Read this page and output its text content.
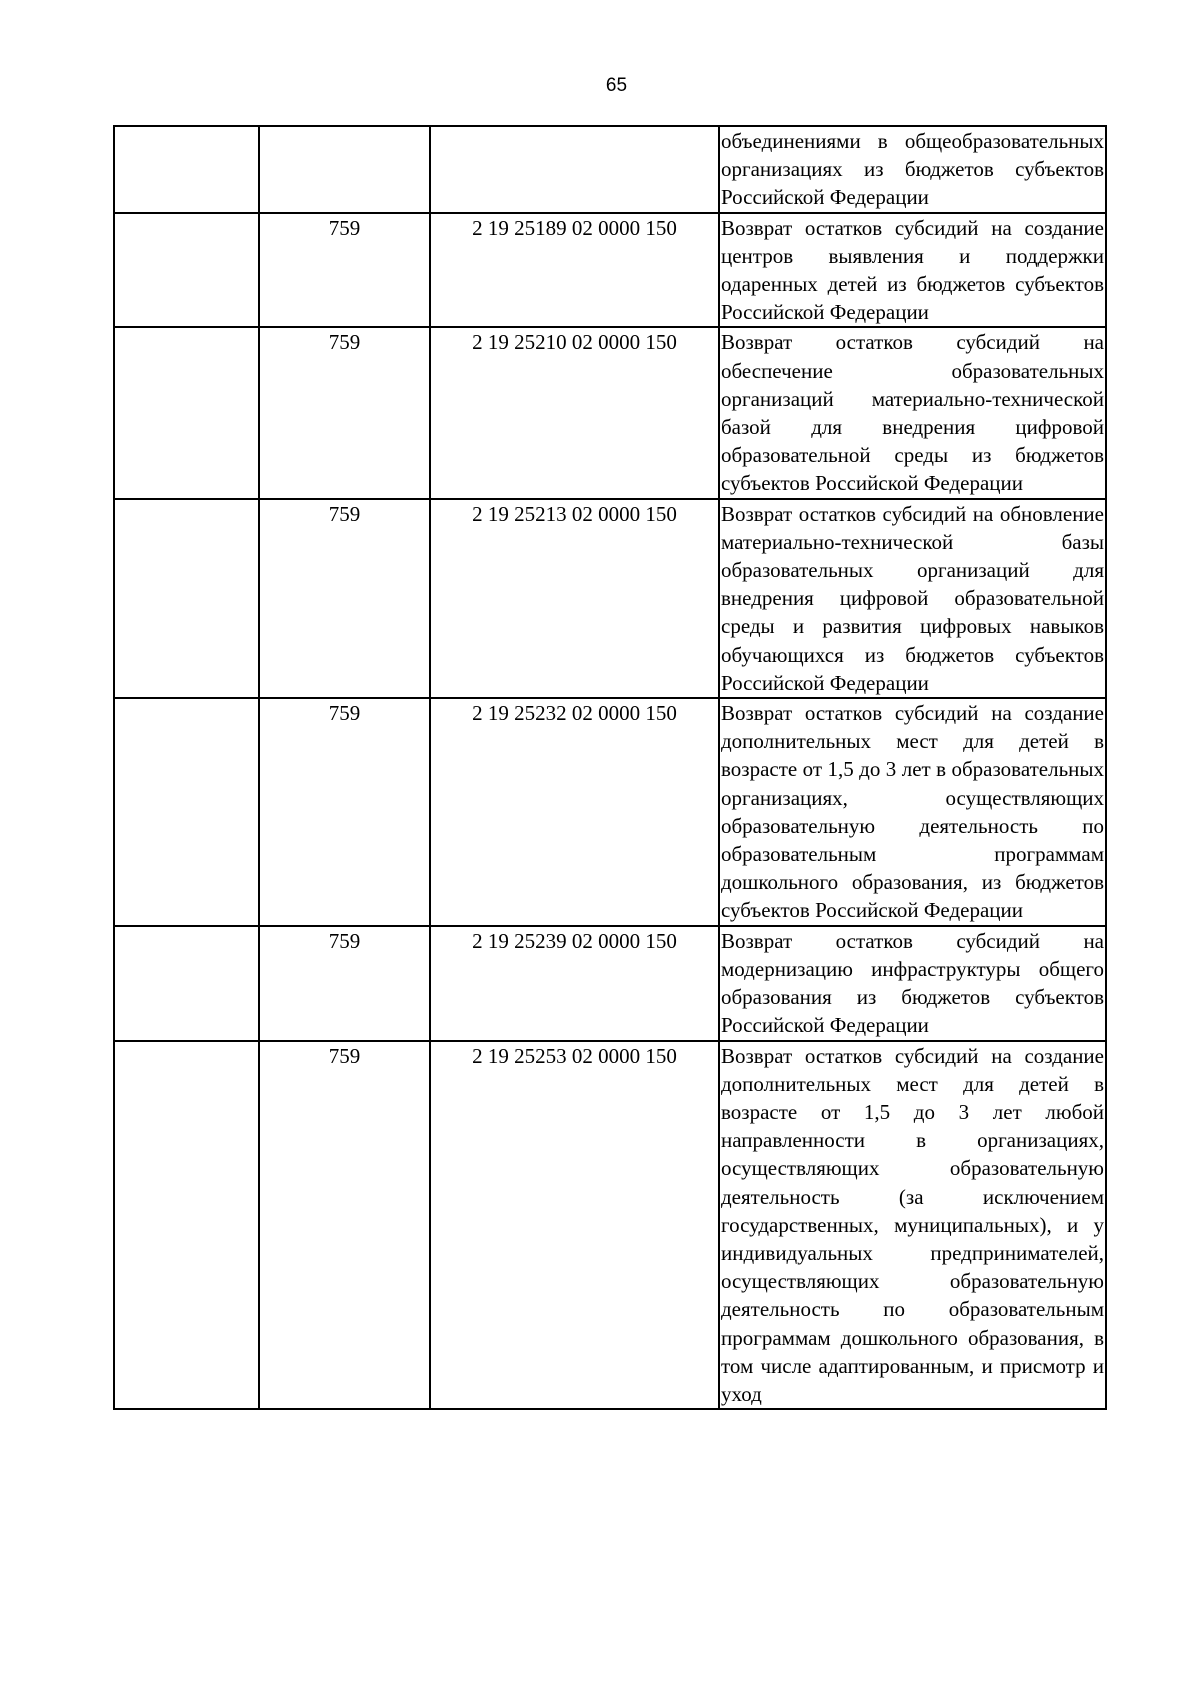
65

			объединениями в общеобразовательных организациях из бюджетов субъектов Российской Федерации

	759	2 19 25189 02 0000 150	Возврат остатков субсидий на создание центров выявления и поддержки одаренных детей из бюджетов субъектов Российской Федерации

	759	2 19 25210 02 0000 150	Возврат остатков субсидий на обеспечение образовательных организаций материально-технической базой для внедрения цифровой образовательной среды из бюджетов субъектов Российской Федерации

	759	2 19 25213 02 0000 150	Возврат остатков субсидий на обновление материально-технической базы образовательных организаций для внедрения цифровой образовательной среды и развития цифровых навыков обучающихся из бюджетов субъектов Российской Федерации

	759	2 19 25232 02 0000 150	Возврат остатков субсидий на создание дополнительных мест для детей в возрасте от 1,5 до 3 лет в образовательных организациях, осуществляющих образовательную деятельность по образовательным программам дошкольного образования, из бюджетов субъектов Российской Федерации

	759	2 19 25239 02 0000 150	Возврат остатков субсидий на модернизацию инфраструктуры общего образования из бюджетов субъектов Российской Федерации

	759	2 19 25253 02 0000 150	Возврат остатков субсидий на создание дополнительных мест для детей в возрасте от 1,5 до 3 лет любой направленности в организациях, осуществляющих образовательную деятельность (за исключением государственных, муниципальных), и у индивидуальных предпринимателей, осуществляющих образовательную деятельность по образовательным программам дошкольного образования, в том числе адаптированным, и присмотр и уход
